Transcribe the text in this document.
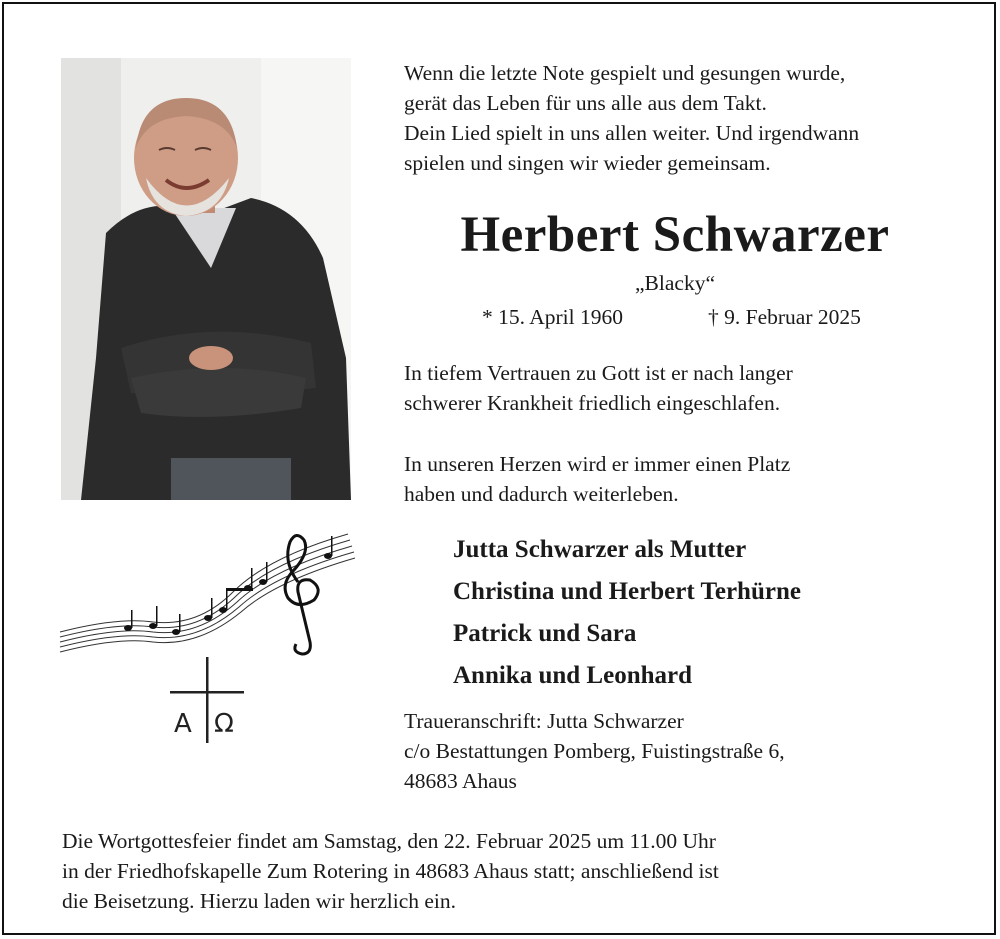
Wenn die letzte Note gespielt und gesungen wurde,
gerät das Leben für uns alle aus dem Takt.
Dein Lied spielt in uns allen weiter. Und irgendwann
spielen und singen wir wieder gemeinsam.
Herbert Schwarzer
„Blacky“
* 15. April 1960	† 9. Februar 2025
In tiefem Vertrauen zu Gott ist er nach langer
schwerer Krankheit friedlich eingeschlafen.
In unseren Herzen wird er immer einen Platz
haben und dadurch weiterleben.
A Ω
Jutta Schwarzer als Mutter
Christina und Herbert Terhürne
Patrick und Sara
Annika und Leonhard
Traueranschrift: Jutta Schwarzer
c/o Bestattungen Pomberg, Fuistingstraße 6,
48683 Ahaus
Die Wortgottesfeier findet am Samstag, den 22. Februar 2025 um 11.00 Uhr
in der Friedhofskapelle Zum Rotering in 48683 Ahaus statt; anschließend ist
die Beisetzung. Hierzu laden wir herzlich ein.
